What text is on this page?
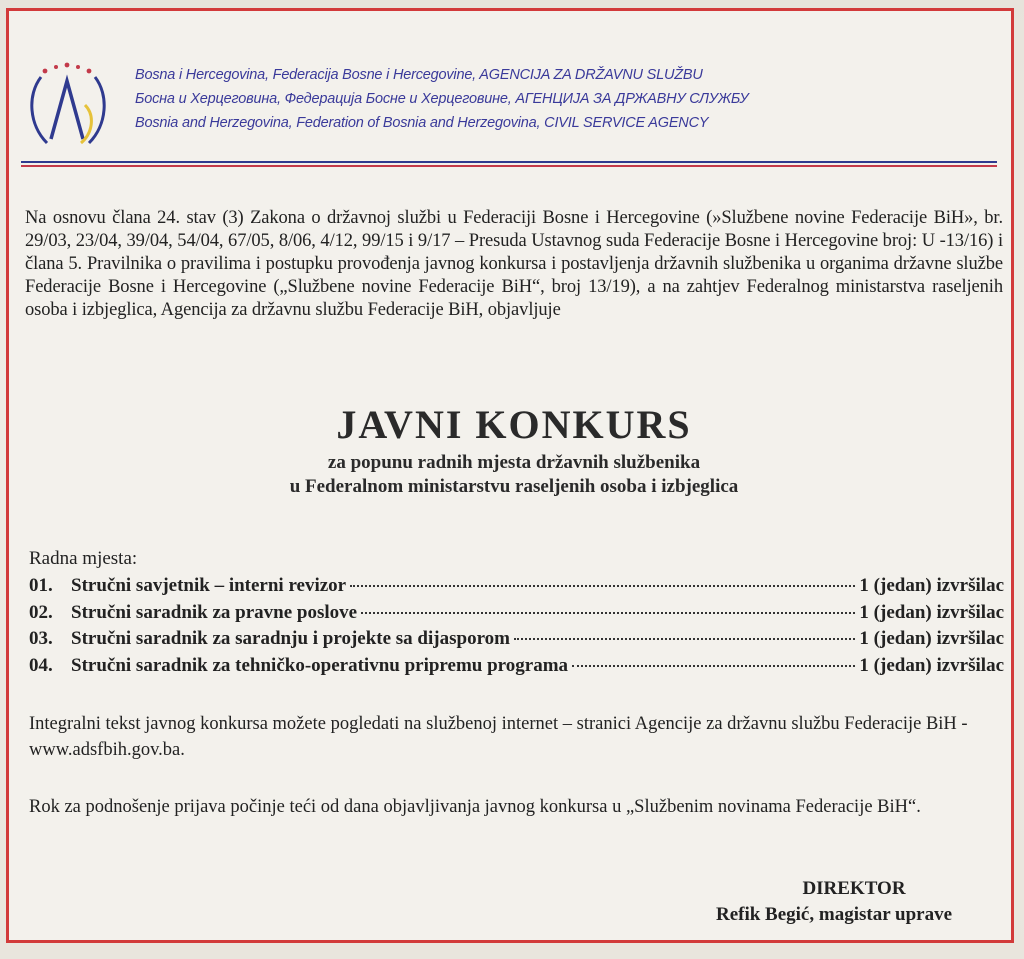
Bosna i Hercegovina, Federacija Bosne i Hercegovine, AGENCIJA ZA DRŽAVNU SLUŽBU
Босна и Херцеговина, Федерација Босне и Херцеговине, АГЕНЦИЈА ЗА ДРЖАВНУ СЛУЖБУ
Bosnia and Herzegovina, Federation of Bosnia and Herzegovina, CIVIL SERVICE AGENCY
Na osnovu člana 24. stav (3) Zakona o državnoj službi u Federaciji Bosne i Hercegovine (»Službene novine Federacije BiH», br. 29/03, 23/04, 39/04, 54/04, 67/05, 8/06, 4/12, 99/15 i 9/17 – Presuda Ustavnog suda Federacije Bosne i Hercegovine broj: U -13/16) i člana 5. Pravilnika o pravilima i postupku provođenja javnog konkursa i postavljenja državnih službenika u organima državne službe Federacije Bosne i Hercegovine („Službene novine Federacije BiH“, broj 13/19), a na zahtjev Federalnog ministarstva raseljenih osoba i izbjeglica, Agencija za državnu službu Federacije BiH, objavljuje
JAVNI KONKURS
za popunu radnih mjesta državnih službenika
u Federalnom ministarstvu raseljenih osoba i izbjeglica
Radna mjesta:
01. Stručni savjetnik – interni revizor	1 (jedan) izvršilac
02. Stručni saradnik za pravne poslove	1 (jedan) izvršilac
03. Stručni saradnik za saradnju i projekte sa dijasporom	1 (jedan) izvršilac
04. Stručni saradnik za tehničko-operativnu pripremu programa	1 (jedan) izvršilac
Integralni tekst javnog konkursa možete pogledati na službenoj internet – stranici Agencije za državnu službu Federacije BiH - www.adsfbih.gov.ba.
Rok za podnošenje prijava počinje teći od dana objavljivanja javnog konkursa u „Službenim novinama Federacije BiH“.
DIREKTOR
Refik Begić, magistar uprave
